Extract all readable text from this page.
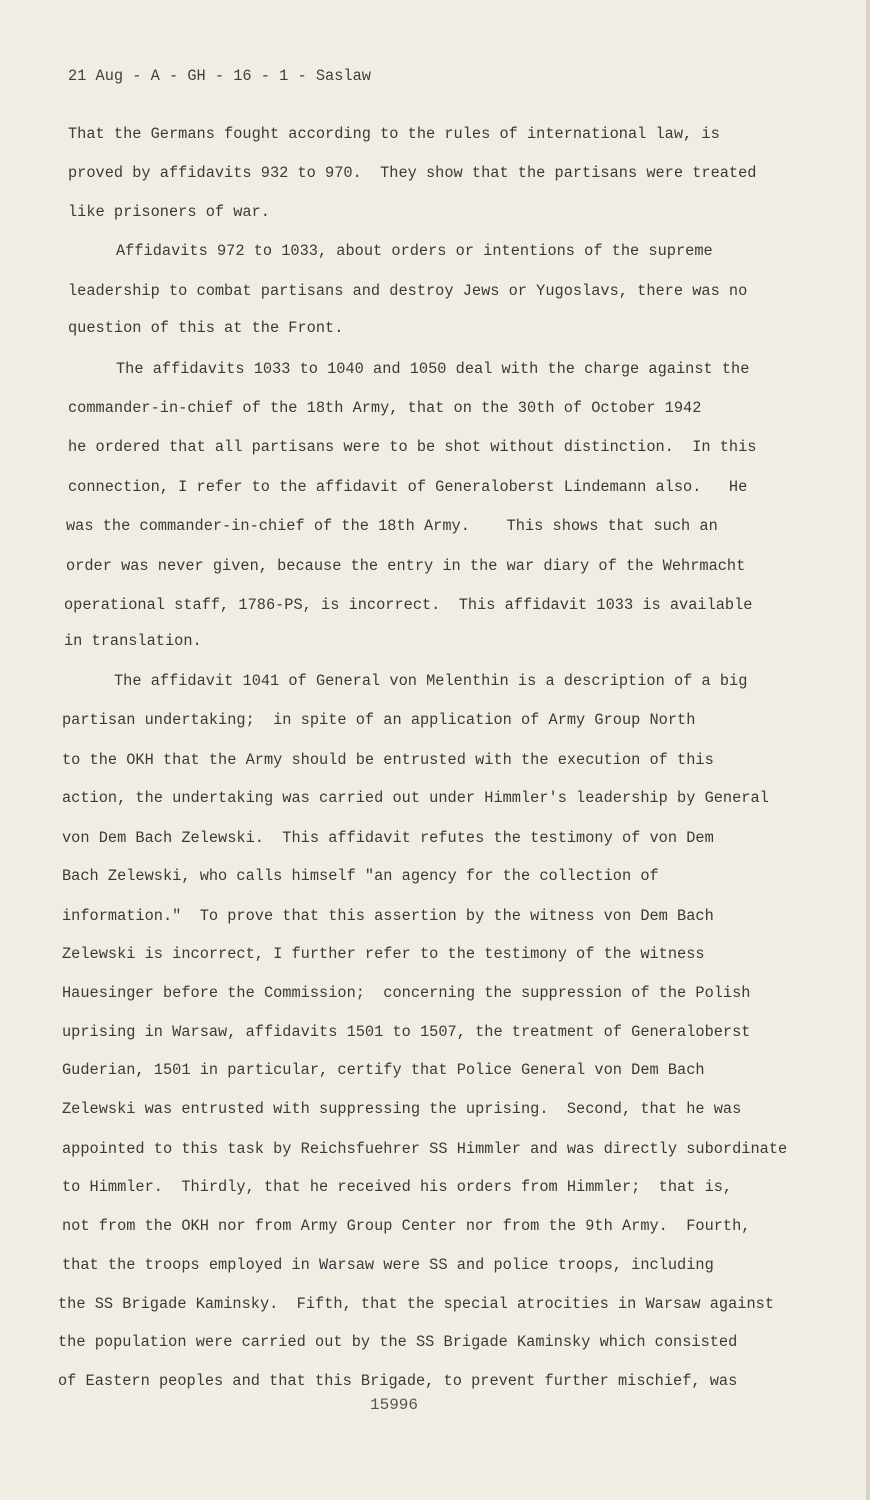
21 Aug - A - GH - 16 - 1 - Saslaw
That the Germans fought according to the rules of international law, is
proved by affidavits 932 to 970.  They show that the partisans were treated
like prisoners of war.
Affidavits 972 to 1033, about orders or intentions of the supreme
leadership to combat partisans and destroy Jews or Yugoslavs, there was no
question of this at the Front.
The affidavits 1033 to 1040 and 1050 deal with the charge against the
commander-in-chief of the 18th Army, that on the 30th of October 1942
he ordered that all partisans were to be shot without distinction.  In this
connection, I refer to the affidavit of Generaloberst Lindemann also.   He
was the commander-in-chief of the 18th Army.    This shows that such an
order was never given, because the entry in the war diary of the Wehrmacht
operational staff, 1786-PS, is incorrect.  This affidavit 1033 is available
in translation.
The affidavit 1041 of General von Melenthin is a description of a big
partisan undertaking;  in spite of an application of Army Group North
to the OKH that the Army should be entrusted with the execution of this
action, the undertaking was carried out under Himmler's leadership by General
von Dem Bach Zelewski.  This affidavit refutes the testimony of von Dem
Bach Zelewski, who calls himself "an agency for the collection of
information."  To prove that this assertion by the witness von Dem Bach
Zelewski is incorrect, I further refer to the testimony of the witness
Hauesinger before the Commission;  concerning the suppression of the Polish
uprising in Warsaw, affidavits 1501 to 1507, the treatment of Generaloberst
Guderian, 1501 in particular, certify that Police General von Dem Bach
Zelewski was entrusted with suppressing the uprising.  Second, that he was
appointed to this task by Reichsfuehrer SS Himmler and was directly subordinate
to Himmler.  Thirdly, that he received his orders from Himmler;  that is,
not from the OKH nor from Army Group Center nor from the 9th Army.  Fourth,
that the troops employed in Warsaw were SS and police troops, including
the SS Brigade Kaminsky.  Fifth, that the special atrocities in Warsaw against
the population were carried out by the SS Brigade Kaminsky which consisted
of Eastern peoples and that this Brigade, to prevent further mischief, was
15996
